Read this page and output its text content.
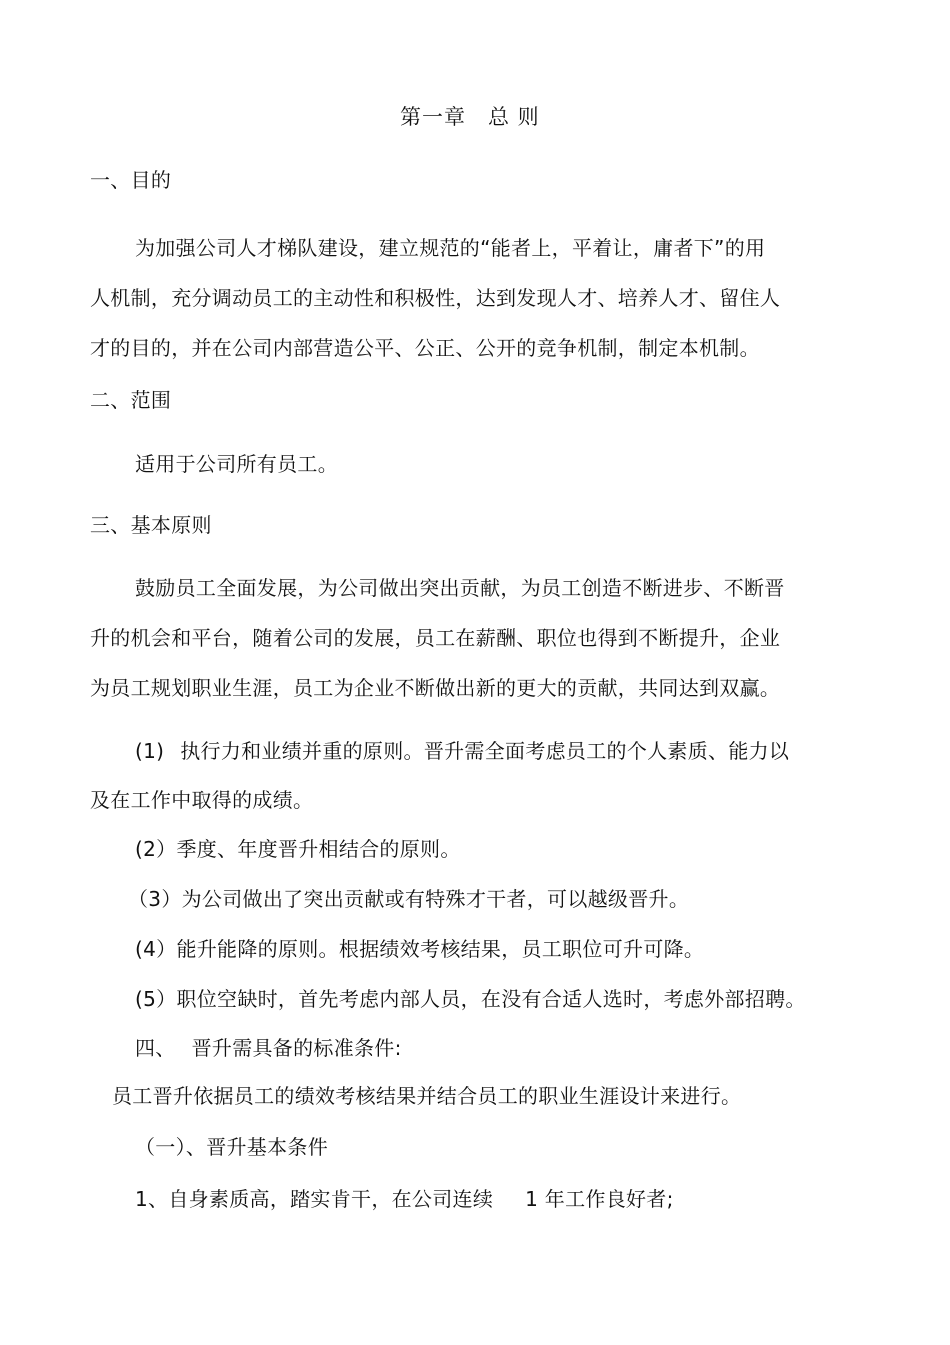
第一章 总 则
一、目的
为加强公司人才梯队建设，建立规范的“能者上，平着让，庸者下”的用
人机制，充分调动员工的主动性和积极性，达到发现人才、培养人才、留住人
才的目的，并在公司内部营造公平、公正、公开的竞争机制，制定本机制。
二、范围
适用于公司所有员工。
三、基本原则
鼓励员工全面发展，为公司做出突出贡献，为员工创造不断进步、不断晋
升的机会和平台，随着公司的发展，员工在薪酬、职位也得到不断提升，企业
为员工规划职业生涯，员工为企业不断做出新的更大的贡献，共同达到双赢。
(1) 执行力和业绩并重的原则。晋升需全面考虑员工的个人素质、能力以
及在工作中取得的成绩。
(2）季度、年度晋升相结合的原则。
（3）为公司做出了突出贡献或有特殊才干者，可以越级晋升。
(4）能升能降的原则。根据绩效考核结果，员工职位可升可降。
(5）职位空缺时，首先考虑内部人员，在没有合适人选时，考虑外部招聘。
四、 晋升需具备的标准条件:
员工晋升依据员工的绩效考核结果并结合员工的职业生涯设计来进行。
（一）、晋升基本条件
1、自身素质高，踏实肯干，在公司连续 1 年工作良好者;
